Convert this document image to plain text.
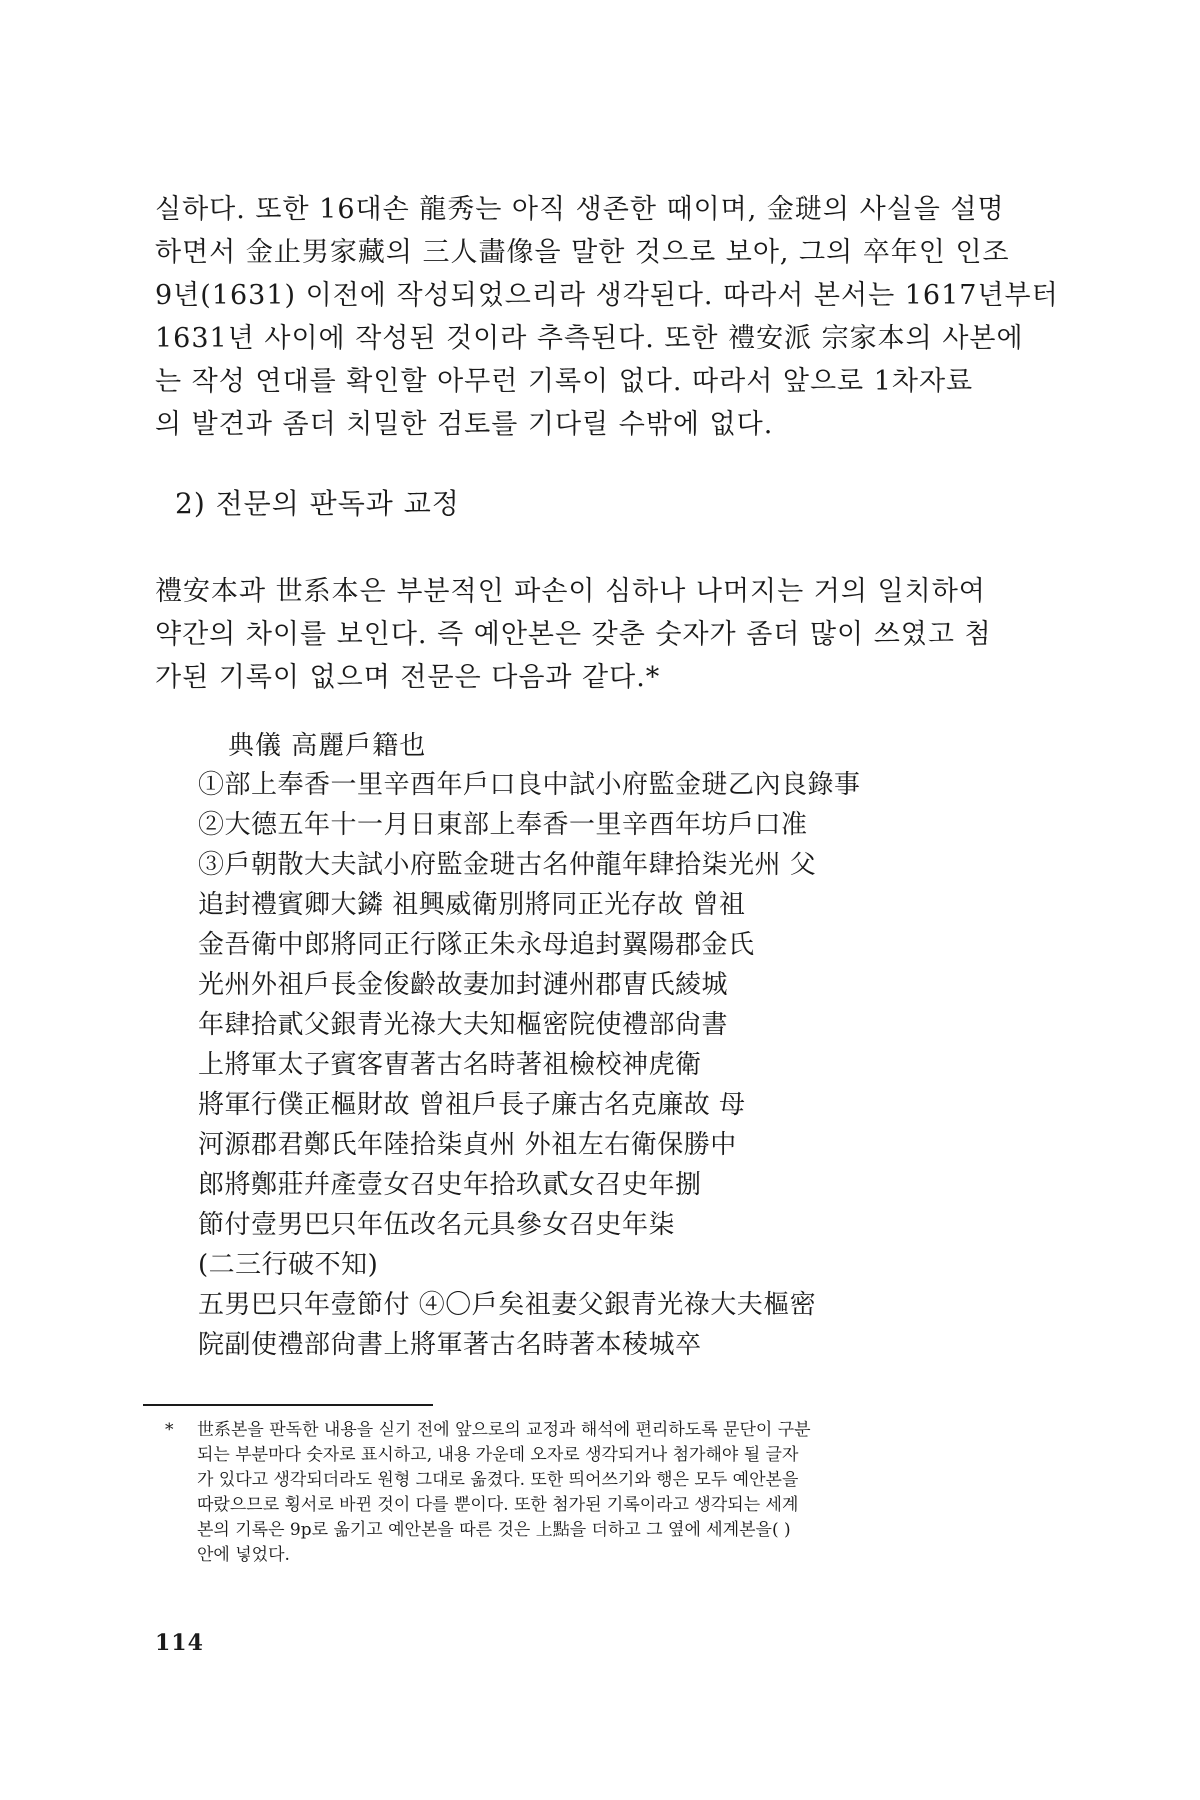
실하다. 또한 16대손 龍秀는 아직 생존한 때이며, 金琎의 사실을 설명
하면서 金止男家藏의 三人畵像을 말한 것으로 보아, 그의 卒年인 인조
9년(1631) 이전에 작성되었으리라 생각된다. 따라서 본서는 1617년부터
1631년 사이에 작성된 것이라 추측된다. 또한 禮安派 宗家本의 사본에
는 작성 연대를 확인할 아무런 기록이 없다. 따라서 앞으로 1차자료
의 발견과 좀더 치밀한 검토를 기다릴 수밖에 없다.
2) 전문의 판독과 교정
禮安本과 世系本은 부분적인 파손이 심하나 나머지는 거의 일치하여
약간의 차이를 보인다. 즉 예안본은 갖춘 숫자가 좀더 많이 쓰였고 첨
가된 기록이 없으며 전문은 다음과 같다.*
典儀 高麗戶籍也
①部上奉香一里辛酉年戶口良中試小府監金琎乙內良錄事
②大德五年十一月日東部上奉香一里辛酉年坊戶口准
③戶朝散大夫試小府監金琎古名仲龍年肆拾柒光州 父
追封禮賓卿大鏻 祖興威衛別將同正光存故 曾祖
金吾衛中郎將同正行隊正朱永母追封翼陽郡金氏
光州外祖戶長金俊齡故妻加封漣州郡曺氏綾城
年肆拾貳父銀青光祿大夫知樞密院使禮部尙書
上將軍太子賓客曺著古名時著祖檢校神虎衛
將軍行僕正樞財故 曾祖戶長子廉古名克廉故 母
河源郡君鄭氏年陸拾柒貞州 外祖左右衛保勝中
郎將鄭莊幷產壹女召史年拾玖貳女召史年捌
節付壹男巴只年伍改名元具參女召史年柒
(二三行破不知)
五男巴只年壹節付 ④〇戶矣祖妻父銀青光祿大夫樞密
院副使禮部尙書上將軍著古名時著本稜城卒
* 世系본을 판독한 내용을 싣기 전에 앞으로의 교정과 해석에 편리하도록 문단이 구분
되는 부분마다 숫자로 표시하고, 내용 가운데 오자로 생각되거나 첨가해야 될 글자
가 있다고 생각되더라도 원형 그대로 옮겼다. 또한 띄어쓰기와 행은 모두 예안본을
따랐으므로 횡서로 바뀐 것이 다를 뿐이다. 또한 첨가된 기록이라고 생각되는 세계
본의 기록은 9p로 옮기고 예안본을 따른 것은 上點을 더하고 그 옆에 세계본을( )
안에 넣었다.
114
